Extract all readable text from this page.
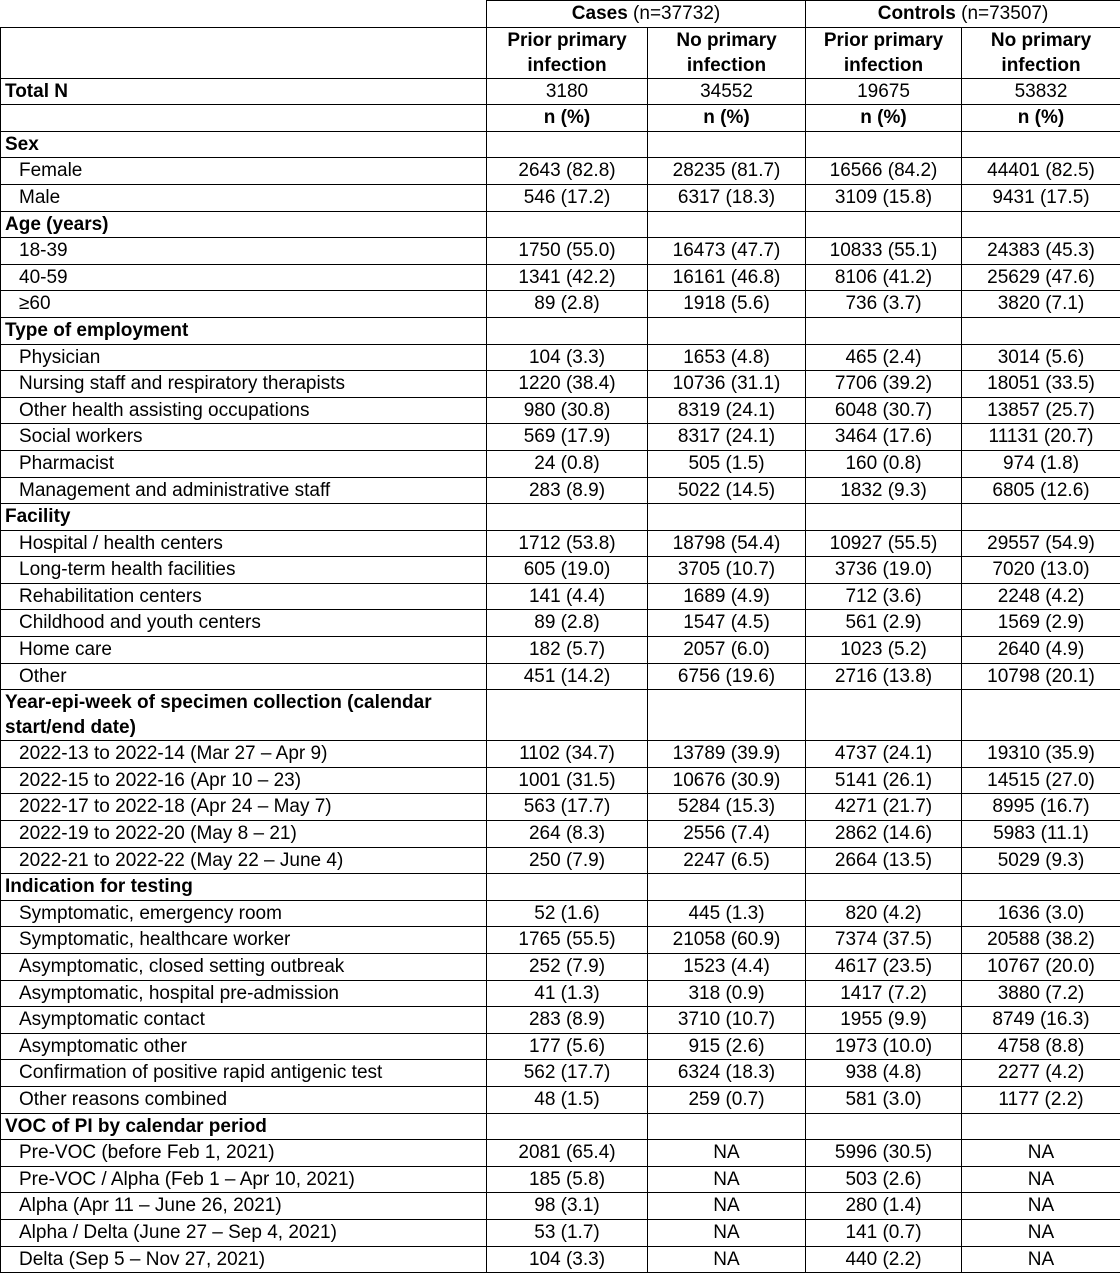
	Cases (n=37732)		Controls (n=73507)	
	Prior primary infection	No primary infection	Prior primary infection	No primary infection
Total N	3180	34552	19675	53832
	n (%)	n (%)	n (%)	n (%)
Sex				
Female	2643 (82.8)	28235 (81.7)	16566 (84.2)	44401 (82.5)
Male	546 (17.2)	6317 (18.3)	3109 (15.8)	9431 (17.5)
Age (years)				
18-39	1750 (55.0)	16473 (47.7)	10833 (55.1)	24383 (45.3)
40-59	1341 (42.2)	16161 (46.8)	8106 (41.2)	25629 (47.6)
≥60	89 (2.8)	1918 (5.6)	736 (3.7)	3820 (7.1)
Type of employment				
Physician	104 (3.3)	1653 (4.8)	465 (2.4)	3014 (5.6)
Nursing staff and respiratory therapists	1220 (38.4)	10736 (31.1)	7706 (39.2)	18051 (33.5)
Other health assisting occupations	980 (30.8)	8319 (24.1)	6048 (30.7)	13857 (25.7)
Social workers	569 (17.9)	8317 (24.1)	3464 (17.6)	11131 (20.7)
Pharmacist	24 (0.8)	505 (1.5)	160 (0.8)	974 (1.8)
Management and administrative staff	283 (8.9)	5022 (14.5)	1832 (9.3)	6805 (12.6)
Facility				
Hospital / health centers	1712 (53.8)	18798 (54.4)	10927 (55.5)	29557 (54.9)
Long-term health facilities	605 (19.0)	3705 (10.7)	3736 (19.0)	7020 (13.0)
Rehabilitation centers	141 (4.4)	1689 (4.9)	712 (3.6)	2248 (4.2)
Childhood and youth centers	89 (2.8)	1547 (4.5)	561 (2.9)	1569 (2.9)
Home care	182 (5.7)	2057 (6.0)	1023 (5.2)	2640 (4.9)
Other	451 (14.2)	6756 (19.6)	2716 (13.8)	10798 (20.1)
Year-epi-week of specimen collection (calendar start/end date)				
2022-13 to 2022-14 (Mar 27 – Apr 9)	1102 (34.7)	13789 (39.9)	4737 (24.1)	19310 (35.9)
2022-15 to 2022-16 (Apr 10 – 23)	1001 (31.5)	10676 (30.9)	5141 (26.1)	14515 (27.0)
2022-17 to 2022-18 (Apr 24 – May 7)	563 (17.7)	5284 (15.3)	4271 (21.7)	8995 (16.7)
2022-19 to 2022-20 (May 8 – 21)	264 (8.3)	2556 (7.4)	2862 (14.6)	5983 (11.1)
2022-21 to 2022-22 (May 22 – June 4)	250 (7.9)	2247 (6.5)	2664 (13.5)	5029 (9.3)
Indication for testing				
Symptomatic, emergency room	52 (1.6)	445 (1.3)	820 (4.2)	1636 (3.0)
Symptomatic, healthcare worker	1765 (55.5)	21058 (60.9)	7374 (37.5)	20588 (38.2)
Asymptomatic, closed setting outbreak	252 (7.9)	1523 (4.4)	4617 (23.5)	10767 (20.0)
Asymptomatic, hospital pre-admission	41 (1.3)	318 (0.9)	1417 (7.2)	3880 (7.2)
Asymptomatic contact	283 (8.9)	3710 (10.7)	1955 (9.9)	8749 (16.3)
Asymptomatic other	177 (5.6)	915 (2.6)	1973 (10.0)	4758 (8.8)
Confirmation of positive rapid antigenic test	562 (17.7)	6324 (18.3)	938 (4.8)	2277 (4.2)
Other reasons combined	48 (1.5)	259 (0.7)	581 (3.0)	1177 (2.2)
VOC of PI by calendar period				
Pre-VOC (before Feb 1, 2021)	2081 (65.4)	NA	5996 (30.5)	NA
Pre-VOC / Alpha (Feb 1 – Apr 10, 2021)	185 (5.8)	NA	503 (2.6)	NA
Alpha (Apr 11 – June 26, 2021)	98 (3.1)	NA	280 (1.4)	NA
Alpha / Delta (June 27 – Sep 4, 2021)	53 (1.7)	NA	141 (0.7)	NA
Delta (Sep 5 – Nov 27, 2021)	104 (3.3)	NA	440 (2.2)	NA
